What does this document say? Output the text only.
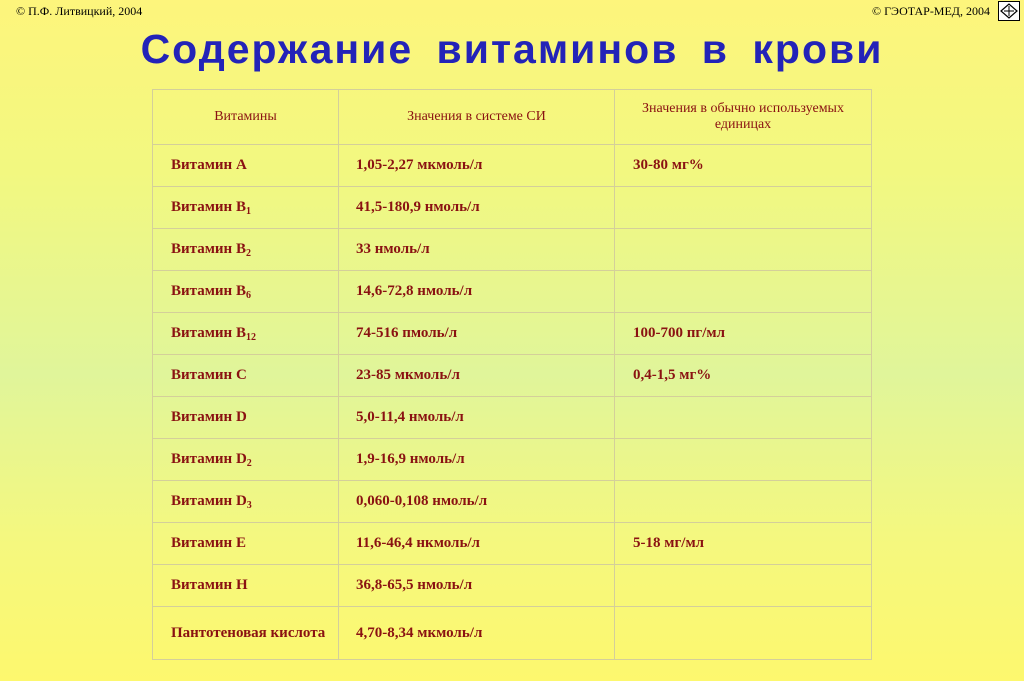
© П.Ф. Литвицкий, 2004	© ГЭОТАР-МЕД, 2004
Содержание витаминов в крови
Витамины	Значения в системе СИ	Значения в обычно используемых единицах
Витамин A	1,05-2,27 мкмоль/л	30-80 мг%
Витамин $B_1$	41,5-180,9 нмоль/л	
Витамин $B_2$	33 нмоль/л	
Витамин $B_6$	14,6-72,8 нмоль/л	
Витамин $B_{12}$	74-516 пмоль/л	100-700 пг/мл
Витамин C	23-85 мкмоль/л	0,4-1,5 мг%
Витамин D	5,0-11,4 нмоль/л	
Витамин $D_2$	1,9-16,9 нмоль/л	
Витамин $D_3$	0,060-0,108 нмоль/л	
Витамин E	11,6-46,4 нкмоль/л	5-18 мг/мл
Витамин H	36,8-65,5 нмоль/л	
Пантотеновая кислота	4,70-8,34 мкмоль/л	
